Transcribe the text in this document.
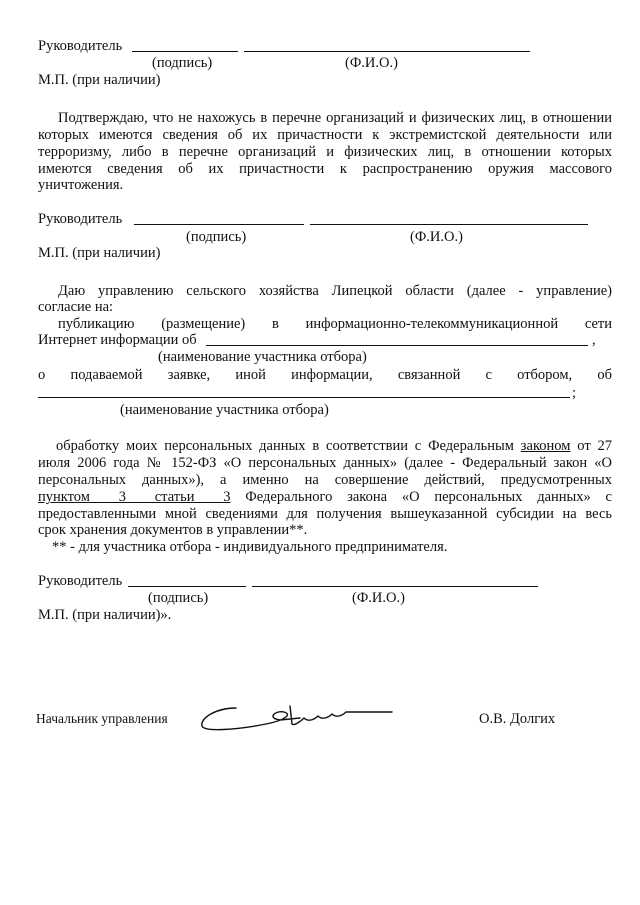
Руководитель
(подпись)	(Ф.И.О.)
М.П. (при наличии)
Подтверждаю, что не нахожусь в перечне организаций и физических лиц, в отношении
которых имеются сведения об их причастности к экстремистской деятельности или
терроризму, либо в перечне организаций и физических лиц, в отношении которых
имеются сведения об их причастности к распространению оружия массового
уничтожения.
Руководитель
(подпись)	(Ф.И.О.)
М.П. (при наличии)
Даю управлению сельского хозяйства Липецкой области (далее - управление)
согласие на:
публикацию (размещение) в информационно-телекоммуникационной сети
Интернет информации об	,
(наименование участника отбора)
о подаваемой заявке, иной информации, связанной с отбором, об
;
(наименование участника отбора)
обработку моих персональных данных в соответствии с Федеральным законом от 27
июля 2006 года № 152-ФЗ «О персональных данных» (далее - Федеральный закон «О
персональных данных»), а именно на совершение действий, предусмотренных
пунктом 3 статьи 3 Федерального закона «О персональных данных» с
предоставленными мной сведениями для получения вышеуказанной субсидии на весь
срок хранения документов в управлении**.
** - для участника отбора - индивидуального предпринимателя.
Руководитель
(подпись)	(Ф.И.О.)
М.П. (при наличии)».
Начальник управления	О.В. Долгих
